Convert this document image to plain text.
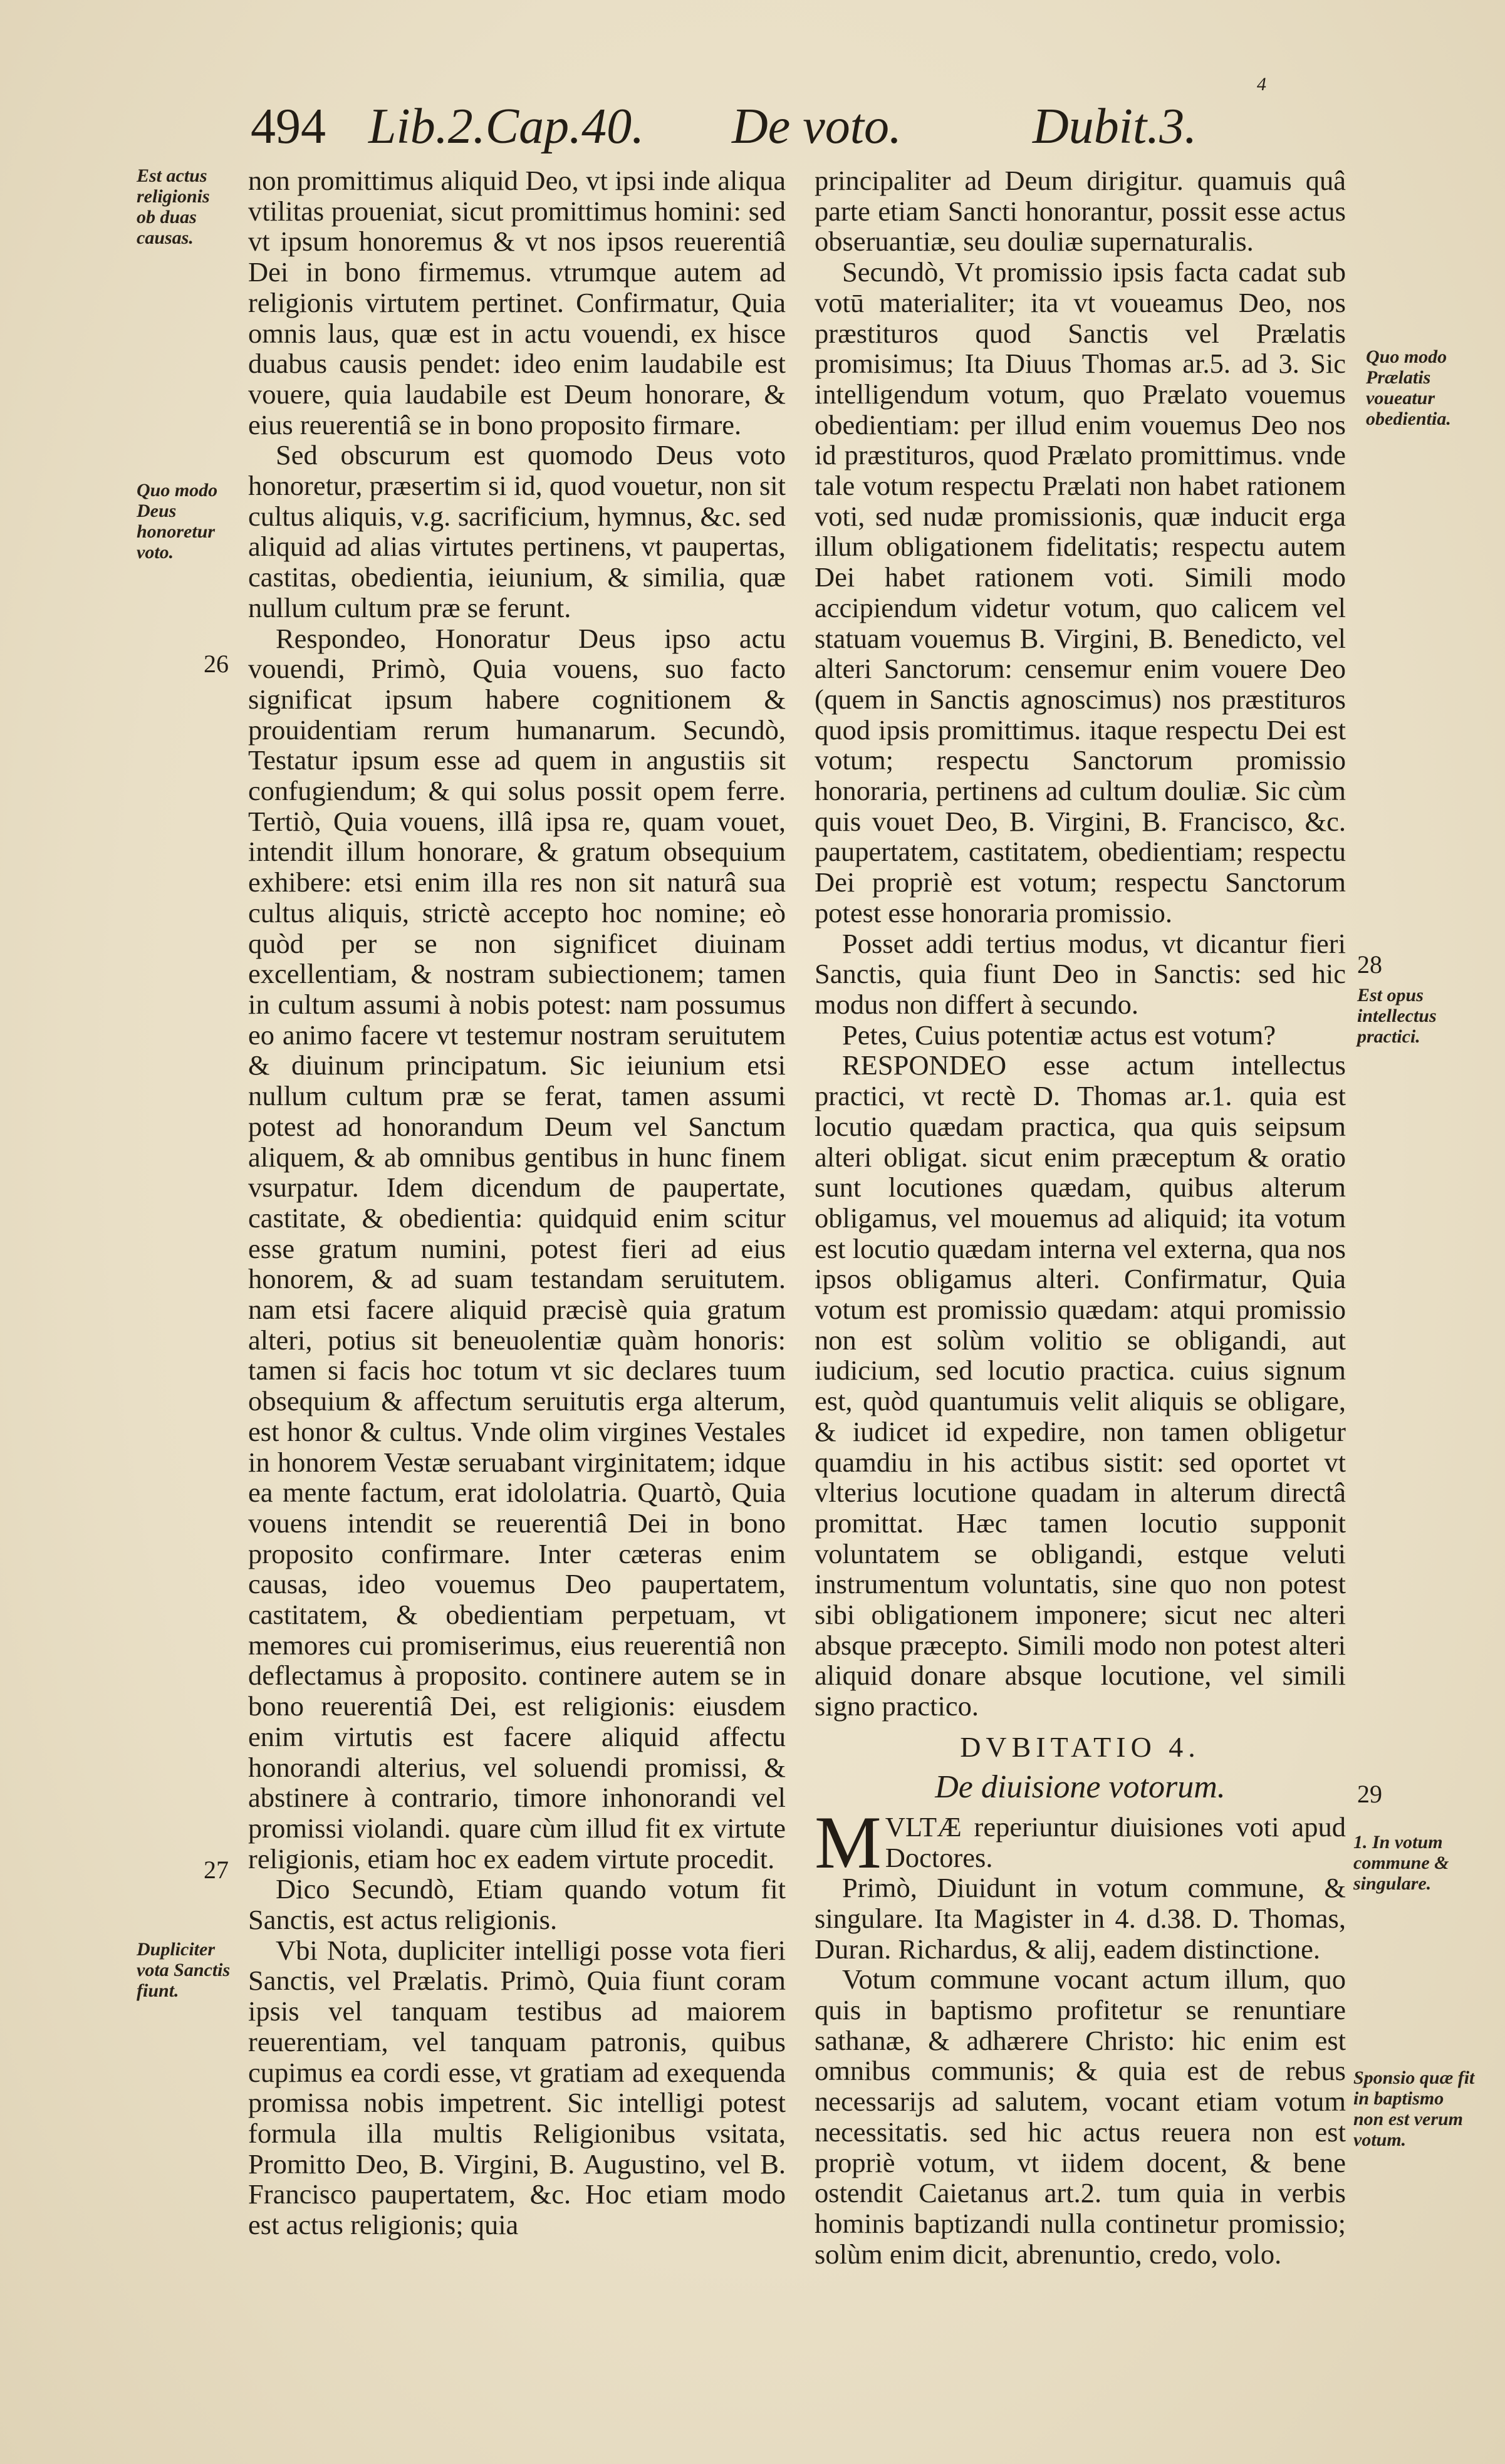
494 Lib.2.Cap.40. De voto.	Dubit.3.
4
Est actus religionis ob duas causas.
Quo modo Deus honoretur voto.
Dupliciter vota Sanctis fiunt.
26
27
28
29
Quo modo Prælatis voueatur obedientia.
Est opus intellectus practici.
1. In votum commune & singulare.
Sponsio quæ fit in baptismo non est verum votum.

non promittimus aliquid Deo, vt ipsi inde aliqua vtilitas proueniat, sicut promittimus homini: sed vt ipsum honoremus & vt nos ipsos reuerentiâ Dei in bono firmemus. vtrumque autem ad religionis virtutem pertinet. Confirmatur, Quia omnis laus, quæ est in actu vouendi, ex hisce duabus causis pendet: ideo enim laudabile est vouere, quia laudabile est Deum honorare, & eius reuerentiâ se in bono proposito firmare.

Sed obscurum est quomodo Deus voto honoretur, præsertim si id, quod vouetur, non sit cultus aliquis, v.g. sacrificium, hymnus, &c. sed aliquid ad alias virtutes pertinens, vt paupertas, castitas, obedientia, ieiunium, & similia, quæ nullum cultum præ se ferunt.

Respondeo, Honoratur Deus ipso actu vouendi, Primò, Quia vouens, suo facto significat ipsum habere cognitionem & prouidentiam rerum humanarum. Secundò, Testatur ipsum esse ad quem in angustiis sit confugiendum; & qui solus possit opem ferre. Tertiò, Quia vouens, illâ ipsa re, quam vouet, intendit illum honorare, & gratum obsequium exhibere: etsi enim illa res non sit naturâ sua cultus aliquis, strictè accepto hoc nomine; eò quòd per se non significet diuinam excellentiam, & nostram subiectionem; tamen in cultum assumi à nobis potest: nam possumus eo animo facere vt testemur nostram seruitutem & diuinum principatum. Sic ieiunium etsi nullum cultum præ se ferat, tamen assumi potest ad honorandum Deum vel Sanctum aliquem, & ab omnibus gentibus in hunc finem vsurpatur. Idem dicendum de paupertate, castitate, & obedientia: quidquid enim scitur esse gratum numini, potest fieri ad eius honorem, & ad suam testandam seruitutem. nam etsi facere aliquid præcisè quia gratum alteri, potius sit beneuolentiæ quàm honoris: tamen si facis hoc totum vt sic declares tuum obsequium & affectum seruitutis erga alterum, est honor & cultus. Vnde olim virgines Vestales in honorem Vestæ seruabant virginitatem; idque ea mente factum, erat idololatria. Quartò, Quia vouens intendit se reuerentiâ Dei in bono proposito confirmare. Inter cæteras enim causas, ideo vouemus Deo paupertatem, castitatem, & obedientiam perpetuam, vt memores cui promiserimus, eius reuerentiâ non deflectamus à proposito. continere autem se in bono reuerentiâ Dei, est religionis: eiusdem enim virtutis est facere aliquid affectu honorandi alterius, vel soluendi promissi, & abstinere à contrario, timore inhonorandi vel promissi violandi. quare cùm illud fit ex virtute religionis, etiam hoc ex eadem virtute procedit.

Dico Secundò, Etiam quando votum fit Sanctis, est actus religionis.

Vbi Nota, dupliciter intelligi posse vota fieri Sanctis, vel Prælatis. Primò, Quia fiunt coram ipsis vel tanquam testibus ad maiorem reuerentiam, vel tanquam patronis, quibus cupimus ea cordi esse, vt gratiam ad exequenda promissa nobis impetrent. Sic intelligi potest formula illa multis Religionibus vsitata, Promitto Deo, B. Virgini, B. Augustino, vel B. Francisco paupertatem, &c. Hoc etiam modo est actus religionis; quia

principaliter ad Deum dirigitur. quamuis quâ parte etiam Sancti honorantur, possit esse actus obseruantiæ, seu douliæ supernaturalis.

Secundò, Vt promissio ipsis facta cadat sub votū materialiter; ita vt voueamus Deo, nos præstituros quod Sanctis vel Prælatis promisimus; Ita Diuus Thomas ar.5. ad 3. Sic intelligendum votum, quo Prælato vouemus obedientiam: per illud enim vouemus Deo nos id præstituros, quod Prælato promittimus. vnde tale votum respectu Prælati non habet rationem voti, sed nudæ promissionis, quæ inducit erga illum obligationem fidelitatis; respectu autem Dei habet rationem voti. Simili modo accipiendum videtur votum, quo calicem vel statuam vouemus B. Virgini, B. Benedicto, vel alteri Sanctorum: censemur enim vouere Deo (quem in Sanctis agnoscimus) nos præstituros quod ipsis promittimus. itaque respectu Dei est votum; respectu Sanctorum promissio honoraria, pertinens ad cultum douliæ. Sic cùm quis vouet Deo, B. Virgini, B. Francisco, &c. paupertatem, castitatem, obedientiam; respectu Dei propriè est votum; respectu Sanctorum potest esse honoraria promissio.

Posset addi tertius modus, vt dicantur fieri Sanctis, quia fiunt Deo in Sanctis: sed hic modus non differt à secundo.

Petes, Cuius potentiæ actus est votum?

RESPONDEO esse actum intellectus practici, vt rectè D. Thomas ar.1. quia est locutio quædam practica, qua quis seipsum alteri obligat. sicut enim præceptum & oratio sunt locutiones quædam, quibus alterum obligamus, vel mouemus ad aliquid; ita votum est locutio quædam interna vel externa, qua nos ipsos obligamus alteri. Confirmatur, Quia votum est promissio quædam: atqui promissio non est solùm volitio se obligandi, aut iudicium, sed locutio practica. cuius signum est, quòd quantumuis velit aliquis se obligare, & iudicet id expedire, non tamen obligetur quamdiu in his actibus sistit: sed oportet vt vlterius locutione quadam in alterum directâ promittat. Hæc tamen locutio supponit voluntatem se obligandi, estque veluti instrumentum voluntatis, sine quo non potest sibi obligationem imponere; sicut nec alteri absque præcepto. Simili modo non potest alteri aliquid donare absque locutione, vel simili signo practico.

DVBITATIO 4.

De diuisione votorum.

MVLTÆ reperiuntur diuisiones voti apud Doctores.

Primò, Diuidunt in votum commune, & singulare. Ita Magister in 4. d.38. D. Thomas, Duran. Richardus, & alij, eadem distinctione.

Votum commune vocant actum illum, quo quis in baptismo profitetur se renuntiare sathanæ, & adhærere Christo: hic enim est omnibus communis; & quia est de rebus necessarijs ad salutem, vocant etiam votum necessitatis. sed hic actus reuera non est propriè votum, vt iidem docent, & bene ostendit Caietanus art.2. tum quia in verbis hominis baptizandi nulla continetur promissio; solùm enim dicit, abrenuntio, credo, volo.
